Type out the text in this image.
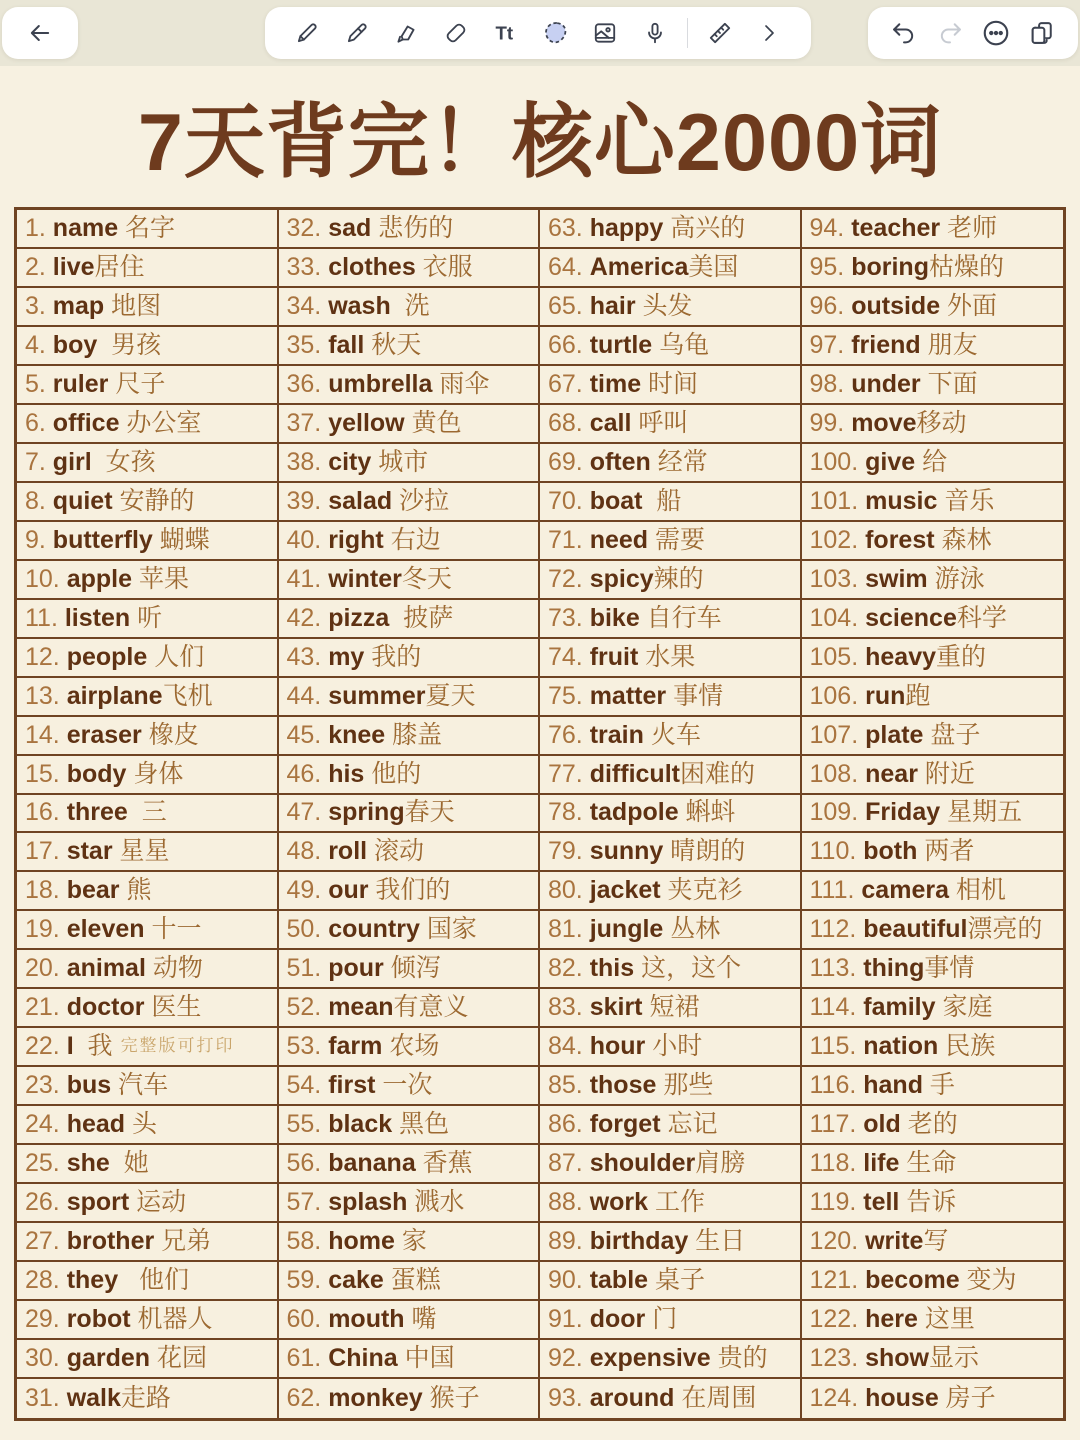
Tt
7天背完！核心2000词
1. name 名字
2. live 居住
3. map 地图
4. boy 男孩
5. ruler 尺子
6. office 办公室
7. girl 女孩
8. quiet 安静的
9. butterfly 蝴蝶
10. apple 苹果
11. listen 听
12. people 人们
13. airplane 飞机
14. eraser 橡皮
15. body 身体
16. three 三
17. star 星星
18. bear 熊
19. eleven 十一
20. animal 动物
21. doctor 医生
22. I 我 完整版可打印
23. bus 汽车
24. head 头
25. she 她
26. sport 运动
27. brother 兄弟
28. they 他们
29. robot 机器人
30. garden 花园
31. walk 走路
32. sad 悲伤的
33. clothes 衣服
34. wash 洗
35. fall 秋天
36. umbrella 雨伞
37. yellow 黄色
38. city 城市
39. salad 沙拉
40. right 右边
41. winter 冬天
42. pizza 披萨
43. my 我的
44. summer 夏天
45. knee 膝盖
46. his 他的
47. spring 春天
48. roll 滚动
49. our 我们的
50. country 国家
51. pour 倾泻
52. mean 有意义
53. farm 农场
54. first 一次
55. black 黑色
56. banana 香蕉
57. splash 溅水
58. home 家
59. cake 蛋糕
60. mouth 嘴
61. China 中国
62. monkey 猴子
63. happy 高兴的
64. America 美国
65. hair 头发
66. turtle 乌龟
67. time 时间
68. call 呼叫
69. often 经常
70. boat 船
71. need 需要
72. spicy 辣的
73. bike 自行车
74. fruit 水果
75. matter 事情
76. train 火车
77. difficult 困难的
78. tadpole 蝌蚪
79. sunny 晴朗的
80. jacket 夹克衫
81. jungle 丛林
82. this 这，这个
83. skirt 短裙
84. hour 小时
85. those 那些
86. forget 忘记
87. shoulder 肩膀
88. work 工作
89. birthday 生日
90. table 桌子
91. door 门
92. expensive 贵的
93. around 在周围
94. teacher 老师
95. boring 枯燥的
96. outside 外面
97. friend 朋友
98. under 下面
99. move 移动
100. give 给
101. music 音乐
102. forest 森林
103. swim 游泳
104. science 科学
105. heavy 重的
106. run 跑
107. plate 盘子
108. near 附近
109. Friday 星期五
110. both 两者
111. camera 相机
112. beautiful 漂亮的
113. thing 事情
114. family 家庭
115. nation 民族
116. hand 手
117. old 老的
118. life 生命
119. tell 告诉
120. write 写
121. become 变为
122. here 这里
123. show 显示
124. house 房子
